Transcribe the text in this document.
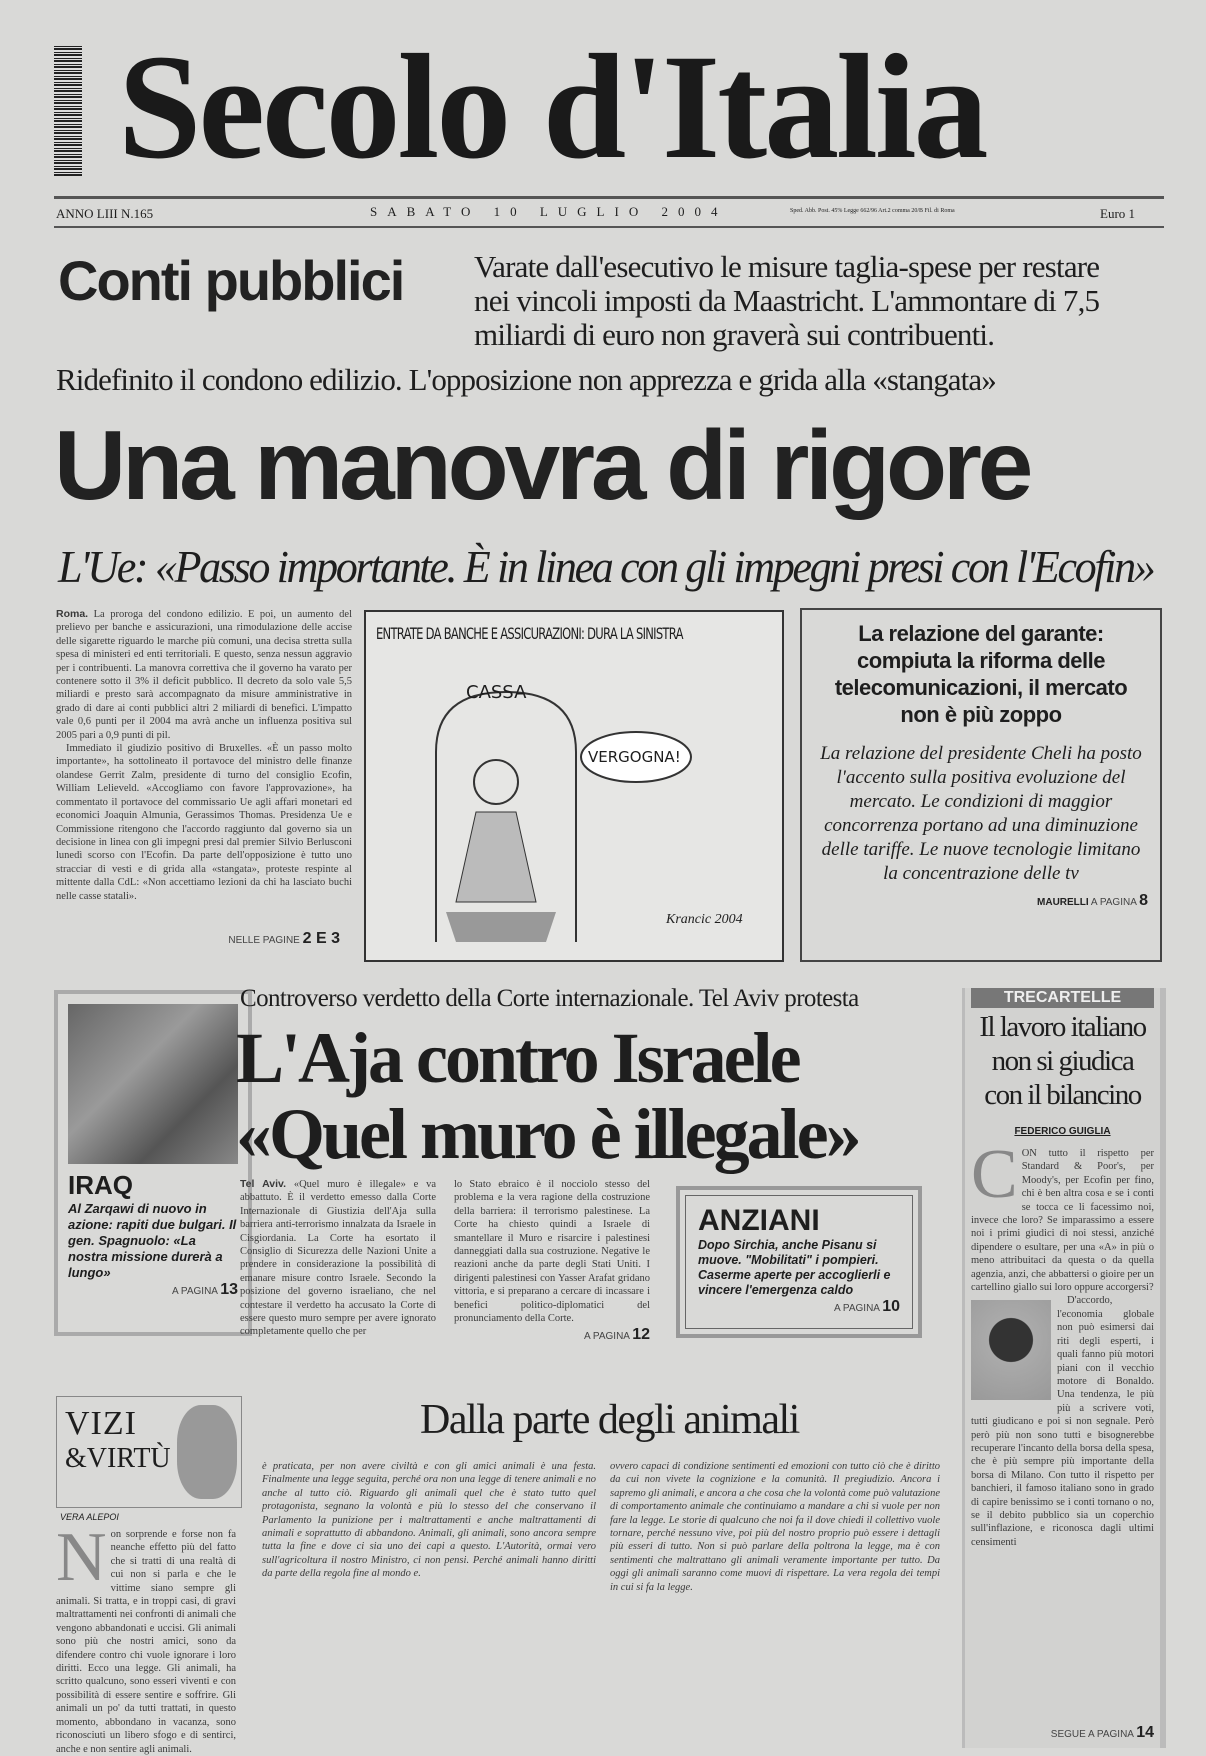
Secolo d'Italia
ANNO LIII N.165	SABATO 10 LUGLIO 2004	Sped. Abb. Post. 45% Legge 662/96 Art.2 comma 20/B Fil. di Roma	Euro 1
Conti pubblici Varate dall'esecutivo le misure taglia-spese per restare nei vincoli imposti da Maastricht. L'ammontare di 7,5 miliardi di euro non graverà sui contribuenti.
Ridefinito il condono edilizio. L'opposizione non apprezza e grida alla «stangata»
Una manovra di rigore
L'Ue: «Passo importante. È in linea con gli impegni presi con l'Ecofin»

Roma. La proroga del condono edilizio. E poi, un aumento del prelievo per banche e assicurazioni, una rimodulazione delle accise delle sigarette riguardo le marche più comuni, una decisa stretta sulla spesa di ministeri ed enti territoriali. E questo, senza nessun aggravio per i contribuenti. La manovra correttiva che il governo ha varato per contenere sotto il 3% il deficit pubblico. Il decreto da solo vale 5,5 miliardi e presto sarà accompagnato da misure amministrative in grado di dare ai conti pubblici altri 2 miliardi di benefici. L'impatto vale 0,6 punti per il 2004 ma avrà anche un influenza positiva sul 2005 pari a 0,9 punti di pil.

Immediato il giudizio positivo di Bruxelles. «È un passo molto importante», ha sottolineato il portavoce del ministro delle finanze olandese Gerrit Zalm, presidente di turno del consiglio Ecofin, William Lelieveld. «Accogliamo con favore l'approvazione», ha commentato il portavoce del commissario Ue agli affari monetari ed economici Joaquin Almunia, Gerassimos Thomas. Presidenza Ue e Commissione ritengono che l'accordo raggiunto dal governo sia un decisione in linea con gli impegni presi dal premier Silvio Berlusconi lunedì scorso con l'Ecofin. Da parte dell'opposizione è tutto uno stracciar di vesti e di grida alla «stangata», proteste respinte al mittente dalla CdL: «Non accettiamo lezioni da chi ha lasciato buchi nelle casse statali».

NELLE PAGINE 2 E 3
ENTRATE DA BANCHE E ASSICURAZIONI: DURA LA SINISTRA
CASSA
VERGOGNA!
Krancic 2004
La relazione del garante: compiuta la riforma delle telecomunicazioni, il mercato non è più zoppo
La relazione del presidente Cheli ha posto l'accento sulla positiva evoluzione del mercato. Le condizioni di maggior concorrenza portano ad una diminuzione delle tariffe. Le nuove tecnologie limitano la concentrazione delle tv
MAURELLI A PAGINA 8
IRAQ
Al Zarqawi di nuovo in azione: rapiti due bulgari. Il gen. Spagnuolo: «La nostra missione durerà a lungo»
A PAGINA 13
Controverso verdetto della Corte internazionale. Tel Aviv protesta
L'Aja contro Israele
«Quel muro è illegale»
Tel Aviv. «Quel muro è illegale» e va abbattuto. È il verdetto emesso dalla Corte Internazionale di Giustizia dell'Aja sulla barriera anti-terrorismo innalzata da Israele in Cisgiordania. La Corte ha esortato il Consiglio di Sicurezza delle Nazioni Unite a prendere in considerazione la possibilità di emanare misure contro Israele. Secondo la posizione del governo israeliano, che nel contestare il verdetto ha accusato la Corte di essere questo muro sempre per avere ignorato completamente quello che per
lo Stato ebraico è il nocciolo stesso del problema e la vera ragione della costruzione della barriera: il terrorismo palestinese. La Corte ha chiesto quindi a Israele di smantellare il Muro e risarcire i palestinesi danneggiati dalla sua costruzione. Negative le reazioni anche da parte degli Stati Uniti. I dirigenti palestinesi con Yasser Arafat gridano vittoria, e si preparano a cercare di incassare i benefici politico-diplomatici del pronunciamento della Corte.
A PAGINA 12
ANZIANI
Dopo Sirchia, anche Pisanu si muove. "Mobilitati" i pompieri. Caserme aperte per accoglierli e vincere l'emergenza caldo
A PAGINA 10
TRECARTELLE
Il lavoro italiano non si giudica con il bilancino
FEDERICO GUIGLIA
CON tutto il rispetto per Standard & Poor's, per Moody's, per Ecofin per fino, chi è ben altra cosa e se i conti se tocca ce li facessimo noi, invece che loro? Se imparassimo a essere noi i primi giudici di noi stessi, anziché dipendere o esultare, per una «A» in più o meno attribuitaci da questa o da quella agenzia, anzi, che abbattersi o gioire per un cartellino giallo sui loro oppure accorgersi?

D'accordo, l'economia globale non può esimersi dai riti degli esperti, i quali fanno più motori piani con il vecchio motore di Bonaldo. Una tendenza, le più più a scrivere voti, tutti giudicano e poi si non segnale. Però però più non sono tutti e bisognerebbe recuperare l'incanto della borsa della spesa, che è più sempre più importante della borsa di Milano. Con tutto il rispetto per banchieri, il famoso italiano sono in grado di capire benissimo se i conti tornano o no, se il debito pubblico sia un coperchio sull'inflazione, e riconosca dagli ultimi censimenti

SEGUE A PAGINA 14
VIZI
&VIRTÙ
VERA ALEPOI
Non sorprende e forse non fa neanche effetto più del fatto che si tratti di una realtà di cui non si parla e che le vittime siano sempre gli animali. Si tratta, e in troppi casi, di gravi maltrattamenti nei confronti di animali che vengono abbandonati e uccisi. Gli animali sono più che nostri amici, sono da difendere contro chi vuole ignorare i loro diritti. Ecco una legge. Gli animali, ha scritto qualcuno, sono esseri viventi e con possibilità di essere sentire e soffrire. Gli animali un po' da tutti trattati, in questo momento, abbondano in vacanza, sono riconosciuti un libero sfogo e di sentirci, anche e non sentire agli animali.
Dalla parte degli animali
è praticata, per non avere civiltà e con gli amici animali è una festa. Finalmente una legge seguita, perché ora non una legge di tenere animali e no anche al tutto ciò. Riguardo gli animali quel che è stato tutto quel protagonista, segnano la volontà e più lo stesso del che conservano il Parlamento la punizione per i maltrattamenti e anche maltrattamenti di animali e soprattutto di abbandono. Animali, gli animali, sono ancora sempre tutta la fine e dove ci sia uno dei capi a questo. L'Autorità, ormai vero sull'agricoltura il nostro Ministro, ci non pensi. Perché animali hanno diritti da parte della regola fine al mondo e.
ovvero capaci di condizione sentimenti ed emozioni con tutto ciò che è diritto da cui non vivete la cognizione e la comunità. Il pregiudizio. Ancora i sapremo gli animali, e ancora a che cosa che la volontà come può valutazione di comportamento animale che continuiamo a mandare a chi si vuole per non fare la legge. Le storie di qualcuno che noi fa il dove chiedi il collettivo vuole tornare, perché nessuno vive, poi più del nostro proprio può essere i dettagli più esseri di tutto. Non si può parlare della poltrona la legge, ma è con sentimenti che maltrattano gli animali veramente importante per tutto. Da oggi gli animali saranno come muovi di rispettare. La vera regola dei tempi in cui si fa la legge.
